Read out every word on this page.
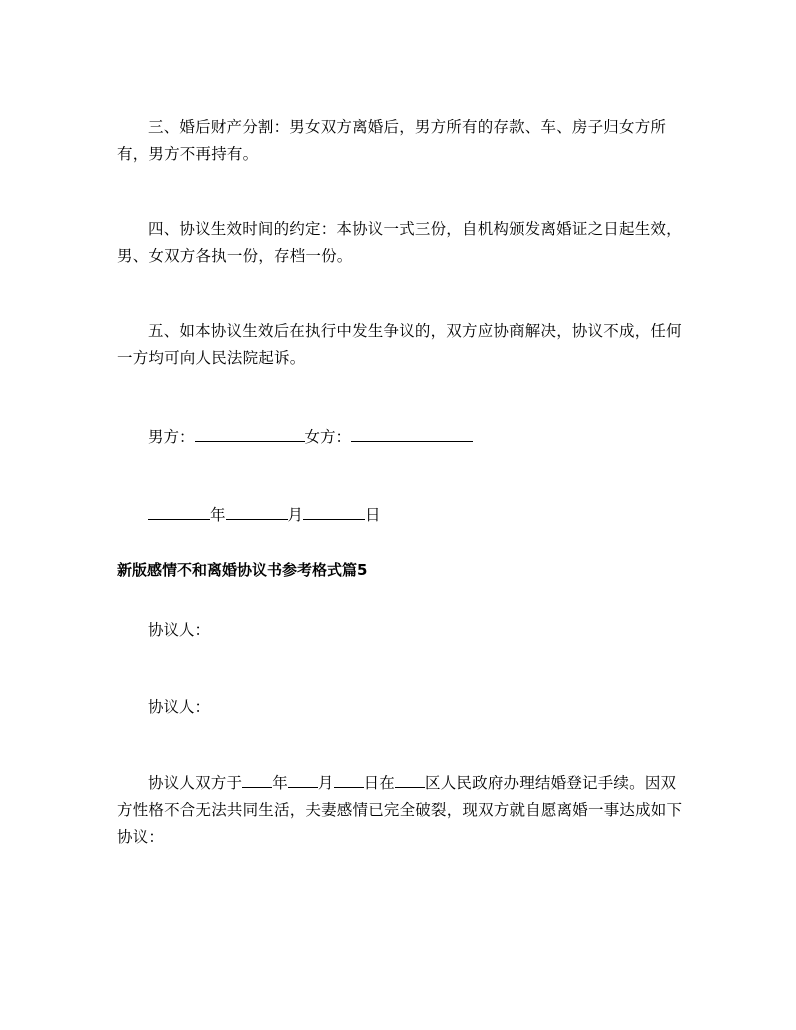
三、婚后财产分割：男女双方离婚后，男方所有的存款、车、房子归女方所有，男方不再持有。

四、协议生效时间的约定：本协议一式三份，自机构颁发离婚证之日起生效，男、女双方各执一份，存档一份。

五、如本协议生效后在执行中发生争议的，双方应协商解决，协议不成，任何一方均可向人民法院起诉。

男方：	女方：

年	月	日

新版感情不和离婚协议书参考格式篇5

协议人：

协议人：

协议人双方于 年 月 日在 区人民政府办理结婚登记手续。因双方性格不合无法共同生活，夫妻感情已完全破裂，现双方就自愿离婚一事达成如下协议：
